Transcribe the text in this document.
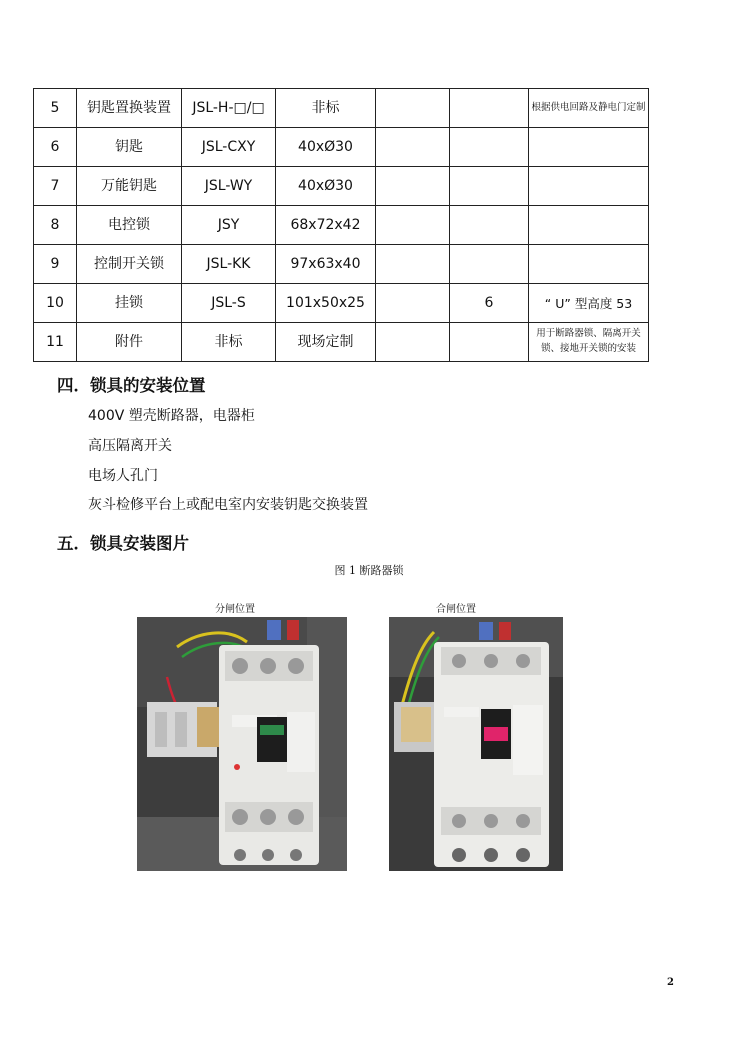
5	钥匙置换装置	JSL-H-□/□	非标			根据供电回路及静电门定制
6	钥匙	JSL-CXY	40xØ30			
7	万能钥匙	JSL-WY	40xØ30			
8	电控锁	JSY	68x72x42			
9	控制开关锁	JSL-KK	97x63x40			
10	挂锁	JSL-S	101x50x25		6	“ U” 型高度 53
11	附件	非标	现场定制			用于断路器锁、隔离开关锁、接地开关锁的安装
四．锁具的安装位置
400V 塑壳断路器，电器柜
高压隔离开关
电场人孔门
灰斗检修平台上或配电室内安装钥匙交换装置
五．锁具安装图片
图 1 断路器锁
分闸位置	合闸位置
2
